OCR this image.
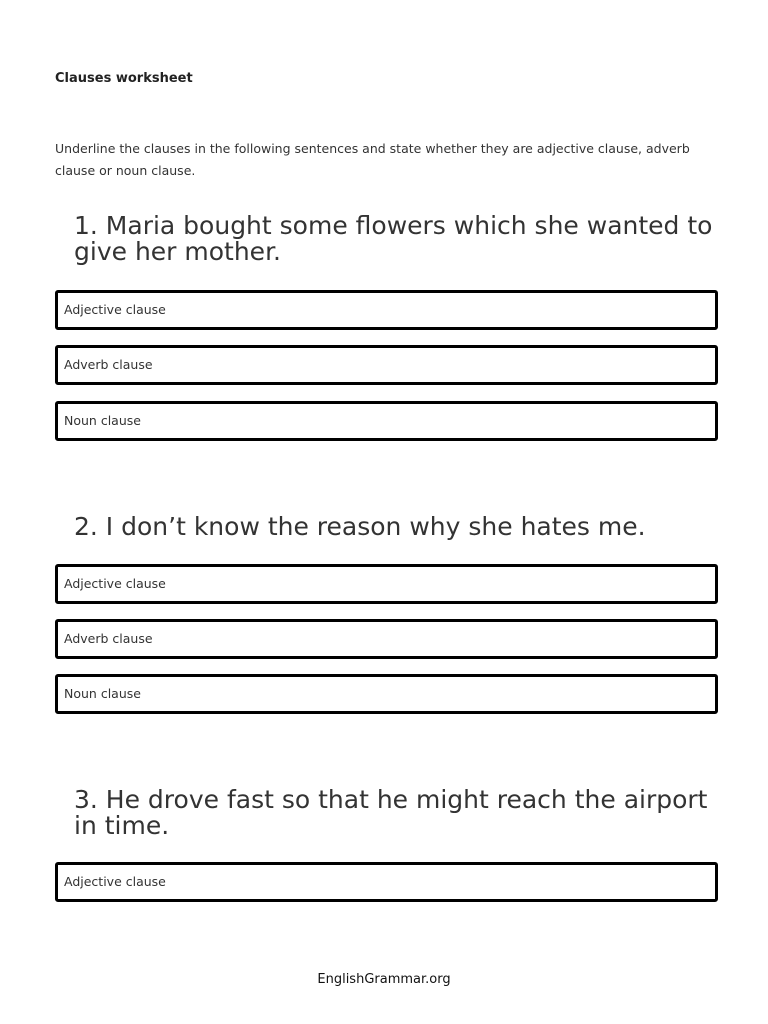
Clauses worksheet
Underline the clauses in the following sentences and state whether they are adjective clause, adverb clause or noun clause.
1. Maria bought some flowers which she wanted to give her mother.
Adjective clause
Adverb clause
Noun clause
2. I don’t know the reason why she hates me.
Adjective clause
Adverb clause
Noun clause
3. He drove fast so that he might reach the airport in time.
Adjective clause
EnglishGrammar.org
